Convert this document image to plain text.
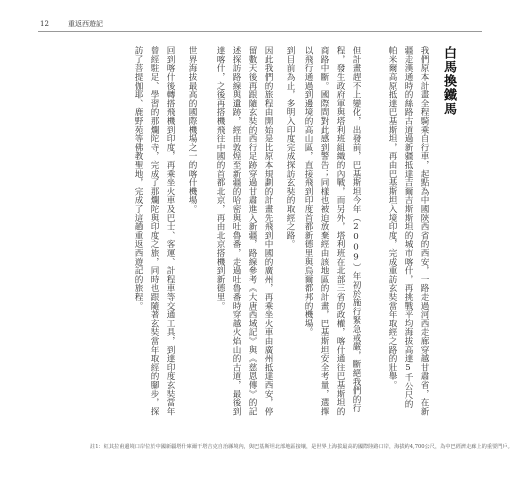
12	重返西遊記
白馬換鐵馬
我們原本計畫全程騎乘自行車，起點為中國陝西省的西安，一路走過河西走廊穿越甘肅省，在新疆走漢通時的絲路古道過新疆抵達吉爾吉斯斯坦的城市喀什，再挑戰平均海拔高達5千公尺的帕米爾高原抵達巴基斯坦，再由巴基斯坦入境印度，完成重訪玄奘當年取經之路的壯舉。
但計畫趕不上變化，出發前，巴基斯坦今年（2009）年初於施行緊急戒嚴，斷絕我們的行程，發生政府軍與塔利班組織的內戰，而另外，塔利班在北部三省的政權，喀什通往巴基斯坦的商路中斷。國際間對此感到警告；同樣也被迫放棄經由該地區的計畫，巴基斯坦安全考量，選擇以飛行通過到邊境的高山區，直接飛到印度首都新德里與烏爾都邦的機場。
到目前為止，多明入印度完成探訪玄奘的取經之路。
因此我們的旅程由開始是比原本規劃的計畫先飛到中國的廣州，再乘坐火車由廣州抵達西安，停留數天後再跟隨玄奘的西行足跡穿過甘肅進入新疆，路線參考《大唐西域記》與《慈恩傳》的記述探訪路線與遺跡，經由敦煌至新疆的哈密與吐魯番，走過吐魯番時穿越火焰山的古道，最後到達喀什，之後再搭機飛往中國的首都北京，再由北京搭機到新德里。
世界海拔最高的國際機場之一的喀什機場。
回到喀什後轉搭飛機到印度，再乘坐火車及巴士、客運、計程車等交通工具，到達印度玄奘當年曾經駐足、學習的那爛陀寺，完成了那爛陀與印度之旅，同時也跟隨著玄奘當年取經的腳步，探訪了菩提伽耶、鹿野苑等佛教聖地，完成了這趟重返西遊記的旅程。
註1：紅其拉甫邊境口岸位於中國新疆塔什庫爾干塔吉克自治縣境內，與巴基斯坦北部地區接壤，是世界上海拔最高的國際陸路口岸，海拔約4,700公尺，為中巴經濟走廊上的重要門戶。
